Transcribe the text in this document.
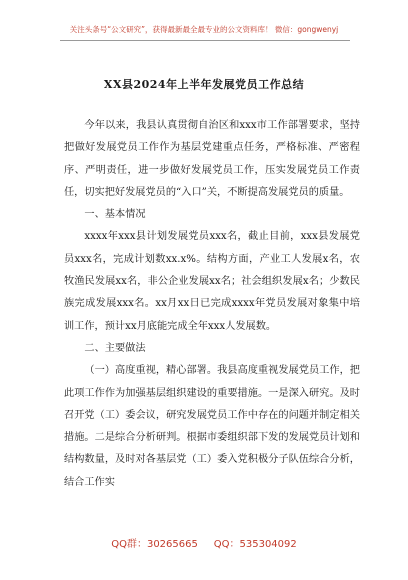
关注头条号“公文研究”，获得最新最全最专业的公文资料库！ 微信：gongwenyj
XX县2024年上半年发展党员工作总结

今年以来，我县认真贯彻自治区和xxx市工作部署要求，坚持把做好发展党员工作作为基层党建重点任务，严格标准、严密程序、严明责任，进一步做好发展党员工作，压实发展党员工作责任，切实把好发展党员的“入口”关，不断提高发展党员的质量。

一、基本情况

xxxx年xxx县计划发展党员xxx名，截止目前，xxx县发展党员xxx名，完成计划数xx.x%。结构方面，产业工人发展x名，农牧渔民发展xx名，非公企业发展xx名；社会组织发展x名；少数民族完成发展xxx名。xx月xx日已完成xxxx年党员发展对象集中培训工作，预计xx月底能完成全年xxx人发展数。

二、主要做法

（一）高度重视，精心部署。我县高度重视发展党员工作，把此项工作作为加强基层组织建设的重要措施。一是深入研究。及时召开党（工）委会议，研究发展党员工作中存在的问题并制定相关措施。二是综合分析研判。根据市委组织部下发的发展党员计划和结构数量，及时对各基层党（工）委入党积极分子队伍综合分析，结合工作实

QQ群：30265665     QQ：535304092
